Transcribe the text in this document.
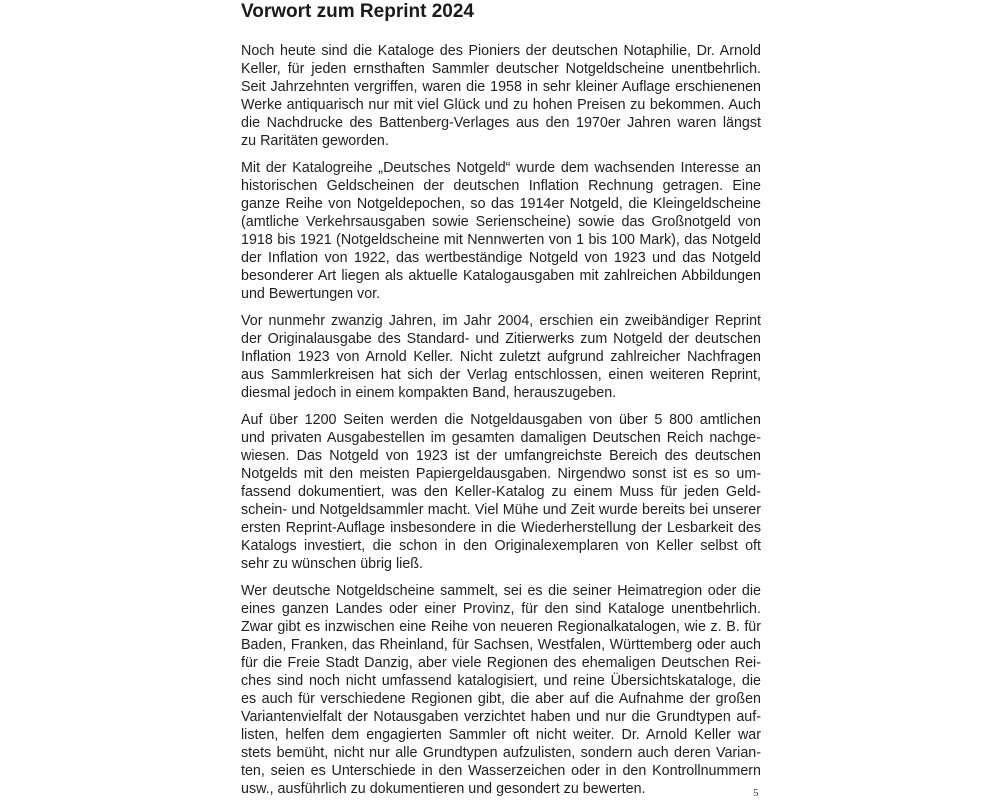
Vorwort zum Reprint 2024

Noch heute sind die Kataloge des Pioniers der deutschen Notaphilie, Dr. Arnold
Keller, für jeden ernsthaften Sammler deutscher Notgeldscheine unentbehrlich.
Seit Jahrzehnten vergriffen, waren die 1958 in sehr kleiner Auflage erschienenen
Werke antiquarisch nur mit viel Glück und zu hohen Preisen zu bekommen. Auch
die Nachdrucke des Battenberg-Verlages aus den 1970er Jahren waren längst
zu Raritäten geworden.

Mit der Katalogreihe „Deutsches Notgeld“ wurde dem wachsenden Interesse an
historischen Geldscheinen der deutschen Inflation Rechnung getragen. Eine
ganze Reihe von Notgeldepochen, so das 1914er Notgeld, die Kleingeldscheine
(amtliche Verkehrsausgaben sowie Serienscheine) sowie das Großnotgeld von
1918 bis 1921 (Notgeldscheine mit Nennwerten von 1 bis 100 Mark), das Notgeld
der Inflation von 1922, das wertbeständige Notgeld von 1923 und das Notgeld
besonderer Art liegen als aktuelle Katalogausgaben mit zahlreichen Abbildungen
und Bewertungen vor.

Vor nunmehr zwanzig Jahren, im Jahr 2004, erschien ein zweibändiger Reprint
der Originalausgabe des Standard- und Zitierwerks zum Notgeld der deutschen
Inflation 1923 von Arnold Keller. Nicht zuletzt aufgrund zahlreicher Nachfragen
aus Sammlerkreisen hat sich der Verlag entschlossen, einen weiteren Reprint,
diesmal jedoch in einem kompakten Band, herauszugeben.

Auf über 1200 Seiten werden die Notgeldausgaben von über 5 800 amtlichen
und privaten Ausgabestellen im gesamten damaligen Deutschen Reich nachge-
wiesen. Das Notgeld von 1923 ist der umfangreichste Bereich des deutschen
Notgelds mit den meisten Papiergeldausgaben. Nirgendwo sonst ist es so um-
fassend dokumentiert, was den Keller-Katalog zu einem Muss für jeden Geld-
schein- und Notgeldsammler macht. Viel Mühe und Zeit wurde bereits bei unserer
ersten Reprint-Auflage insbesondere in die Wiederherstellung der Lesbarkeit des
Katalogs investiert, die schon in den Originalexemplaren von Keller selbst oft
sehr zu wünschen übrig ließ.

Wer deutsche Notgeldscheine sammelt, sei es die seiner Heimatregion oder die
eines ganzen Landes oder einer Provinz, für den sind Kataloge unentbehrlich.
Zwar gibt es inzwischen eine Reihe von neueren Regionalkatalogen, wie z. B. für
Baden, Franken, das Rheinland, für Sachsen, Westfalen, Württemberg oder auch
für die Freie Stadt Danzig, aber viele Regionen des ehemaligen Deutschen Rei-
ches sind noch nicht umfassend katalogisiert, und reine Übersichtskataloge, die
es auch für verschiedene Regionen gibt, die aber auf die Aufnahme der großen
Variantenvielfalt der Notausgaben verzichtet haben und nur die Grundtypen auf-
listen, helfen dem engagierten Sammler oft nicht weiter. Dr. Arnold Keller war
stets bemüht, nicht nur alle Grundtypen aufzulisten, sondern auch deren Varian-
ten, seien es Unterschiede in den Wasserzeichen oder in den Kontrollnummern
usw., ausführlich zu dokumentieren und gesondert zu bewerten.	5
